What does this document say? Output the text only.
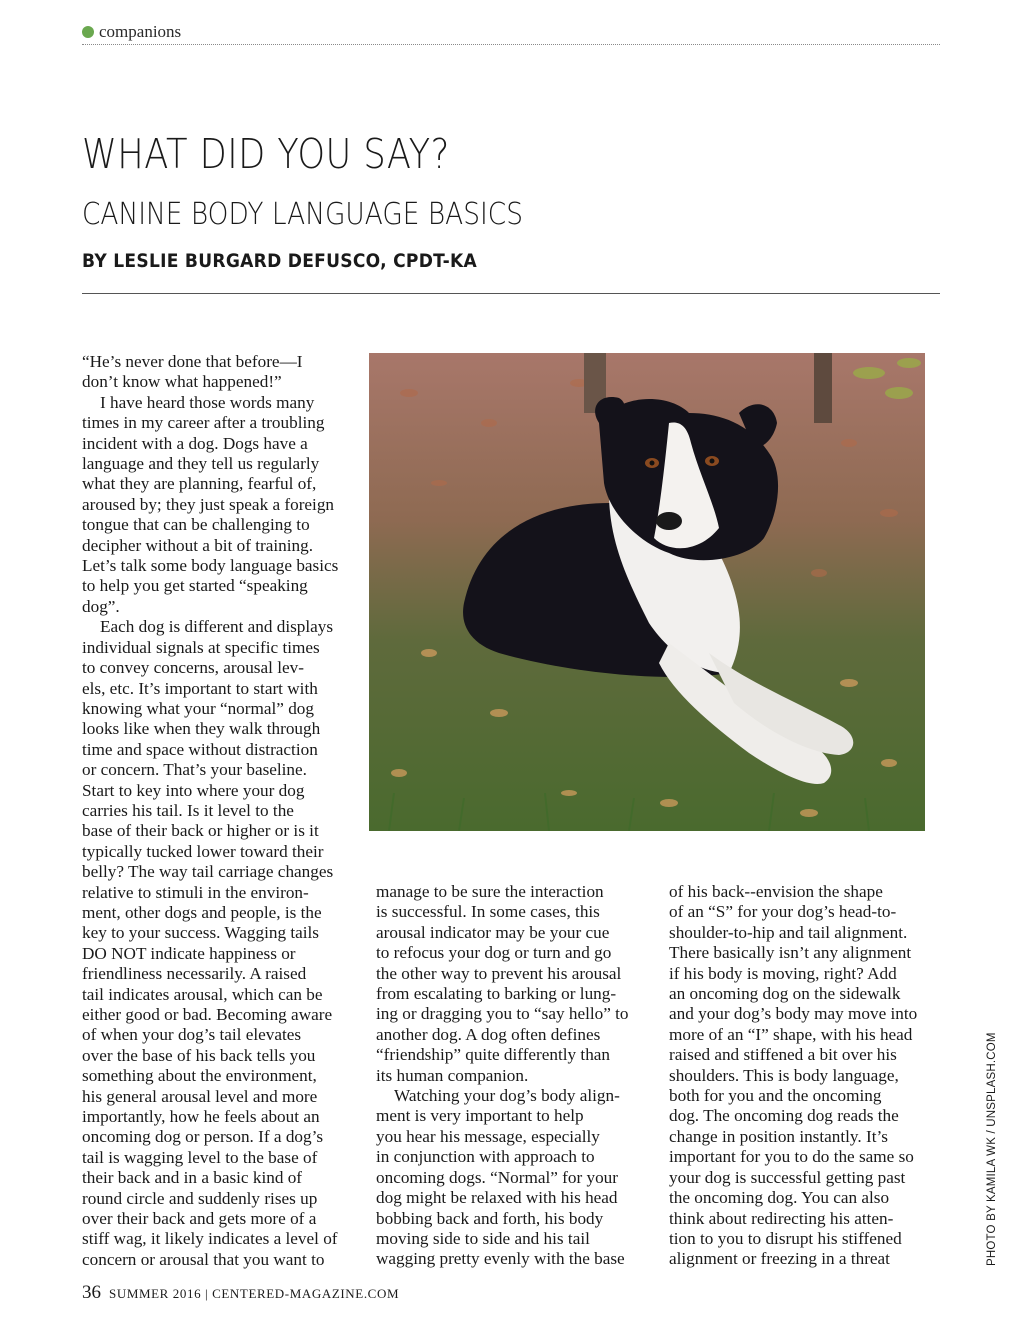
companions
WHAT DID YOU SAY?
CANINE BODY LANGUAGE BASICS
BY LESLIE BURGARD DEFUSCO, CPDT-KA
“He’s never done that before—I
don’t know what happened!”
I have heard those words many
times in my career after a troubling
incident with a dog. Dogs have a
language and they tell us regularly
what they are planning, fearful of,
aroused by; they just speak a foreign
tongue that can be challenging to
decipher without a bit of training.
Let’s talk some body language basics
to help you get started “speaking
dog”.
Each dog is different and displays
individual signals at specific times
to convey concerns, arousal lev-
els, etc. It’s important to start with
knowing what your “normal” dog
looks like when they walk through
time and space without distraction
or concern. That’s your baseline.
Start to key into where your dog
carries his tail. Is it level to the
base of their back or higher or is it
typically tucked lower toward their
belly? The way tail carriage changes
relative to stimuli in the environ-
ment, other dogs and people, is the
key to your success. Wagging tails
DO NOT indicate happiness or
friendliness necessarily. A raised
tail indicates arousal, which can be
either good or bad. Becoming aware
of when your dog’s tail elevates
over the base of his back tells you
something about the environment,
his general arousal level and more
importantly, how he feels about an
oncoming dog or person. If a dog’s
tail is wagging level to the base of
their back and in a basic kind of
round circle and suddenly rises up
over their back and gets more of a
stiff wag, it likely indicates a level of
concern or arousal that you want to
manage to be sure the interaction
is successful. In some cases, this
arousal indicator may be your cue
to refocus your dog or turn and go
the other way to prevent his arousal
from escalating to barking or lung-
ing or dragging you to “say hello” to
another dog. A dog often defines
“friendship” quite differently than
its human companion.
Watching your dog’s body align-
ment is very important to help
you hear his message, especially
in conjunction with approach to
oncoming dogs. “Normal” for your
dog might be relaxed with his head
bobbing back and forth, his body
moving side to side and his tail
wagging pretty evenly with the base
of his back--envision the shape
of an “S” for your dog’s head-to-
shoulder-to-hip and tail alignment.
There basically isn’t any alignment
if his body is moving, right? Add
an oncoming dog on the sidewalk
and your dog’s body may move into
more of an “I” shape, with his head
raised and stiffened a bit over his
shoulders. This is body language,
both for you and the oncoming
dog. The oncoming dog reads the
change in position instantly. It’s
important for you to do the same so
your dog is successful getting past
the oncoming dog. You can also
think about redirecting his atten-
tion to you to disrupt his stiffened
alignment or freezing in a threat	PHOTO BY KAMILA WK / UNSPLASH.COM
36 SUMMER 2016 | CENTERED-MAGAZINE.COM
